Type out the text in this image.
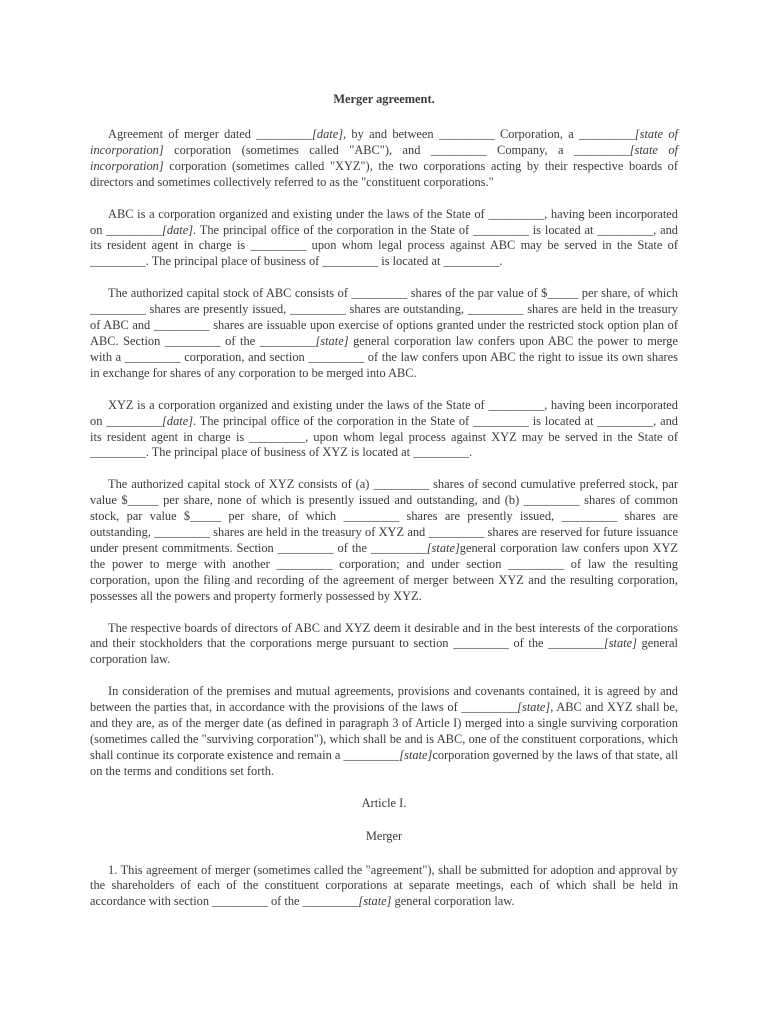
Merger agreement.

Agreement of merger dated _________[date], by and between _________ Corporation, a _________[state of incorporation] corporation (sometimes called "ABC"), and _________ Company, a _________[state of incorporation] corporation (sometimes called "XYZ"), the two corporations acting by their respective boards of directors and sometimes collectively referred to as the "constituent corporations."

ABC is a corporation organized and existing under the laws of the State of _________, having been incorporated on _________[date]. The principal office of the corporation in the State of _________ is located at _________, and its resident agent in charge is _________ upon whom legal process against ABC may be served in the State of _________. The principal place of business of _________ is located at _________.

The authorized capital stock of ABC consists of _________ shares of the par value of $_____ per share, of which _________ shares are presently issued, _________ shares are outstanding, _________ shares are held in the treasury of ABC and _________ shares are issuable upon exercise of options granted under the restricted stock option plan of ABC. Section _________ of the _________[state] general corporation law confers upon ABC the power to merge with a _________ corporation, and section _________ of the law confers upon ABC the right to issue its own shares in exchange for shares of any corporation to be merged into ABC.

XYZ is a corporation organized and existing under the laws of the State of _________, having been incorporated on _________[date]. The principal office of the corporation in the State of _________ is located at _________, and its resident agent in charge is _________, upon whom legal process against XYZ may be served in the State of _________. The principal place of business of XYZ is located at _________.

The authorized capital stock of XYZ consists of (a) _________ shares of second cumulative preferred stock, par value $_____ per share, none of which is presently issued and outstanding, and (b) _________ shares of common stock, par value $_____ per share, of which _________ shares are presently issued, _________ shares are outstanding, _________ shares are held in the treasury of XYZ and _________ shares are reserved for future issuance under present commitments. Section _________ of the _________[state]general corporation law confers upon XYZ the power to merge with another _________ corporation; and under section _________ of law the resulting corporation, upon the filing and recording of the agreement of merger between XYZ and the resulting corporation, possesses all the powers and property formerly possessed by XYZ.

The respective boards of directors of ABC and XYZ deem it desirable and in the best interests of the corporations and their stockholders that the corporations merge pursuant to section _________ of the _________[state] general corporation law.

In consideration of the premises and mutual agreements, provisions and covenants contained, it is agreed by and between the parties that, in accordance with the provisions of the laws of _________[state], ABC and XYZ shall be, and they are, as of the merger date (as defined in paragraph 3 of Article I) merged into a single surviving corporation (sometimes called the "surviving corporation"), which shall be and is ABC, one of the constituent corporations, which shall continue its corporate existence and remain a _________[state]corporation governed by the laws of that state, all on the terms and conditions set forth.

Article I.
Merger

1. This agreement of merger (sometimes called the "agreement"), shall be submitted for adoption and approval by the shareholders of each of the constituent corporations at separate meetings, each of which shall be held in accordance with section _________ of the _________[state] general corporation law.
